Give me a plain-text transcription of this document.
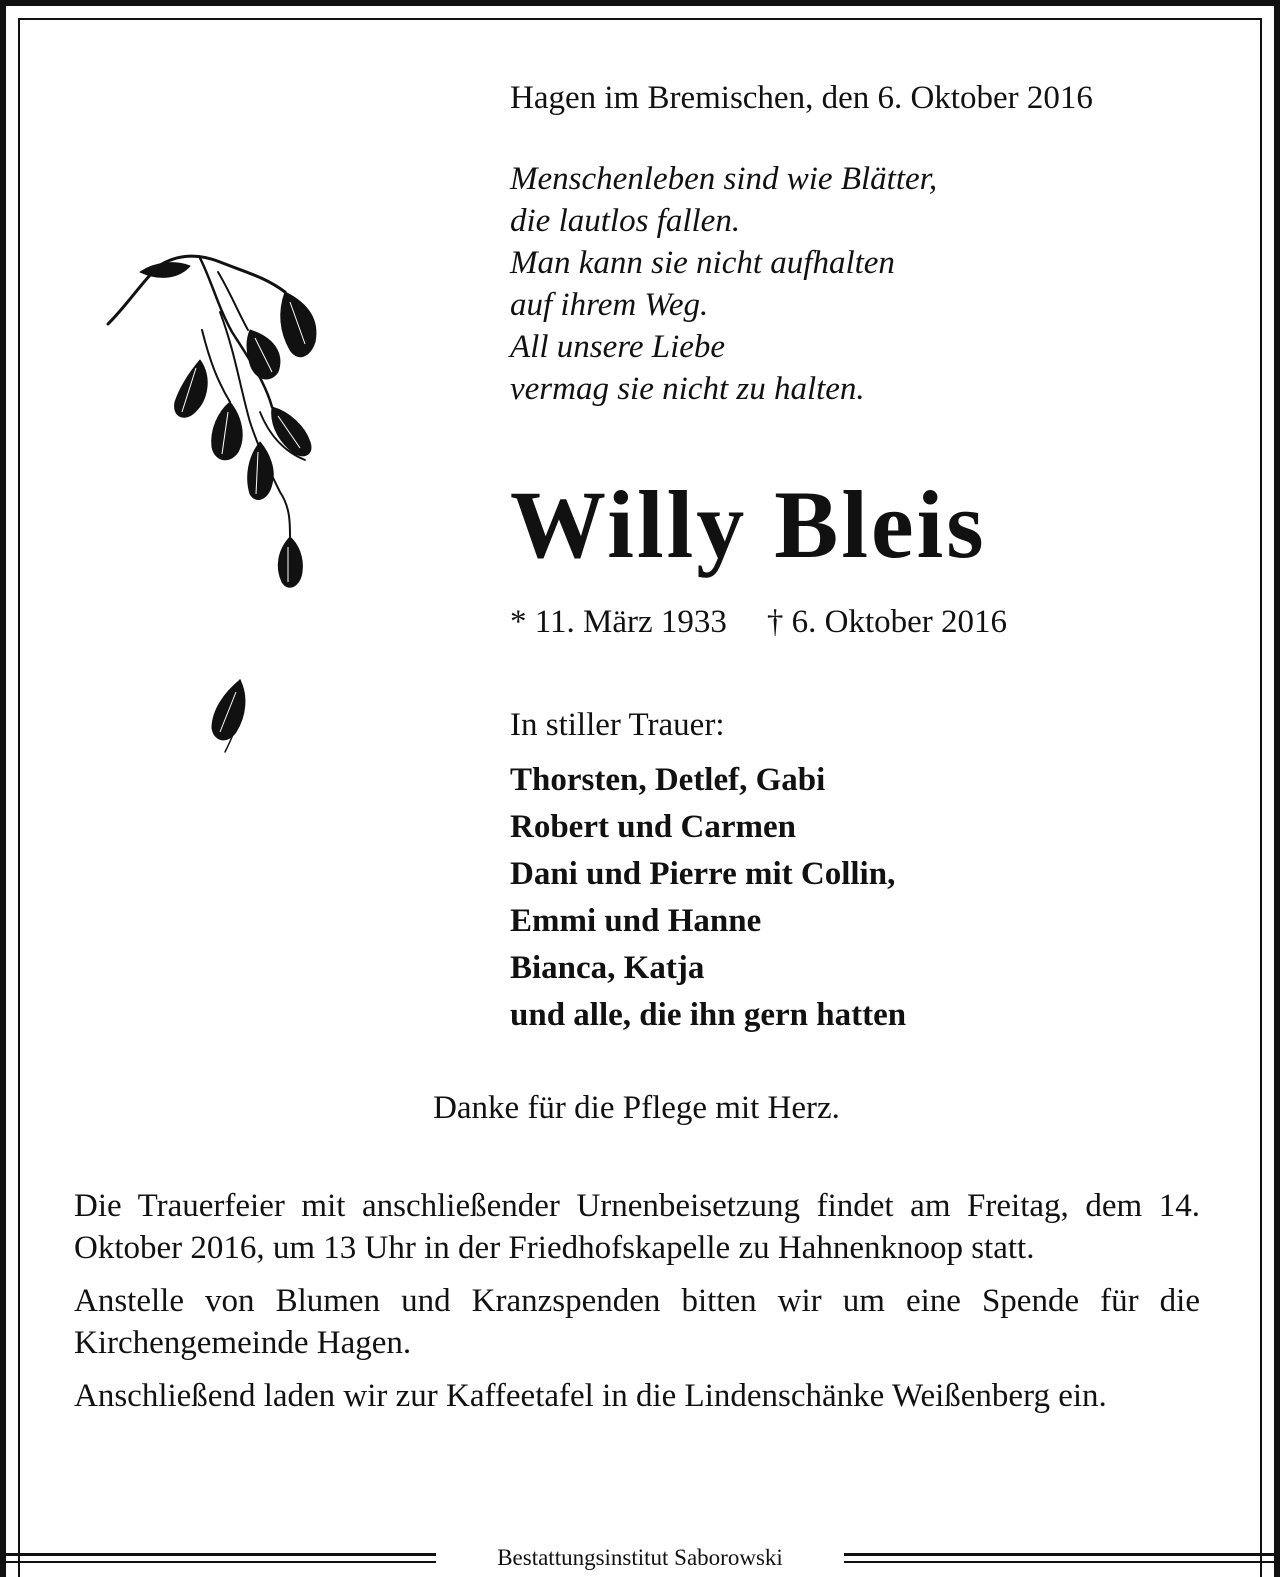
Hagen im Bremischen, den 6. Oktober 2016
Menschenleben sind wie Blätter,
die lautlos fallen.
Man kann sie nicht aufhalten
auf ihrem Weg.
All unsere Liebe
vermag sie nicht zu halten.
Willy Bleis
* 11. März 1933 † 6. Oktober 2016
In stiller Trauer:
Thorsten, Detlef, Gabi
Robert und Carmen
Dani und Pierre mit Collin,
Emmi und Hanne
Bianca, Katja
und alle, die ihn gern hatten
Danke für die Pflege mit Herz.

Die Trauerfeier mit anschließender Urnenbeisetzung findet am Freitag, dem 14. Oktober 2016, um 13 Uhr in der Friedhofskapelle zu Hahnenknoop statt.

Anstelle von Blumen und Kranzspenden bitten wir um eine Spende für die Kirchengemeinde Hagen.

Anschließend laden wir zur Kaffeetafel in die Lindenschänke Weißenberg ein.

Bestattungsinstitut Saborowski
